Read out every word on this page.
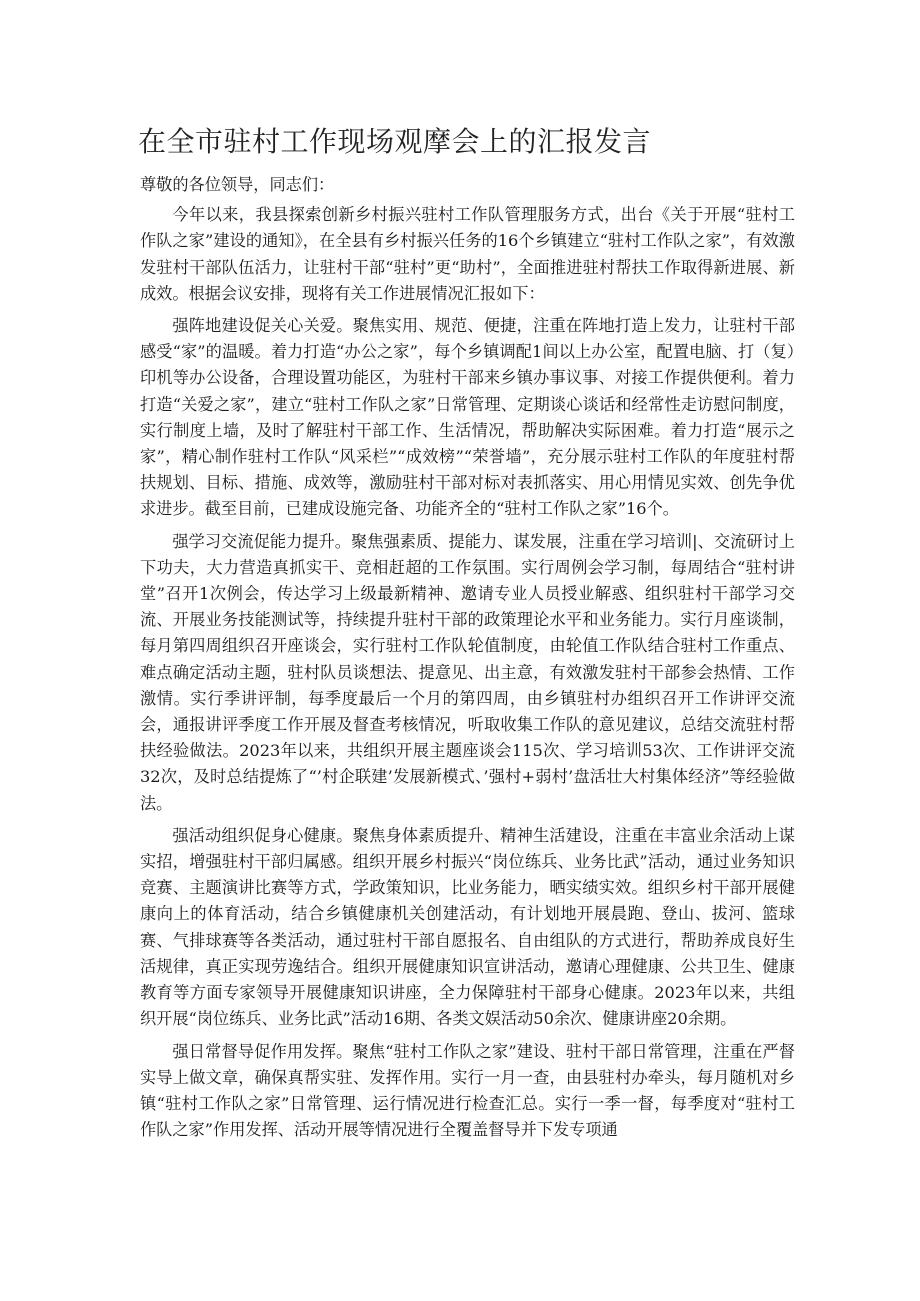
在全市驻村工作现场观摩会上的汇报发言

尊敬的各位领导，同志们：

今年以来，我县探索创新乡村振兴驻村工作队管理服务方式，出台《关于开展“驻村工作队之家”建设的通知》，在全县有乡村振兴任务的16个乡镇建立“驻村工作队之家”，有效激发驻村干部队伍活力，让驻村干部“驻村”更“助村”，全面推进驻村帮扶工作取得新进展、新成效。根据会议安排，现将有关工作进展情况汇报如下：

强阵地建设促关心关爱。聚焦实用、规范、便捷，注重在阵地打造上发力，让驻村干部感受“家”的温暖。着力打造“办公之家”，每个乡镇调配1间以上办公室，配置电脑、打（复）印机等办公设备，合理设置功能区，为驻村干部来乡镇办事议事、对接工作提供便利。着力打造“关爱之家”，建立“驻村工作队之家”日常管理、定期谈心谈话和经常性走访慰问制度，实行制度上墙，及时了解驻村干部工作、生活情况，帮助解决实际困难。着力打造“展示之家”，精心制作驻村工作队“风采栏”“成效榜”“荣誉墙”，充分展示驻村工作队的年度驻村帮扶规划、目标、措施、成效等，激励驻村干部对标对表抓落实、用心用情见实效、创先争优求进步。截至目前，已建成设施完备、功能齐全的“驻村工作队之家”16个。

强学习交流促能力提升。聚焦强素质、提能力、谋发展，注重在学习培训|、交流研讨上下功夫，大力营造真抓实干、竞相赶超的工作氛围。实行周例会学习制，每周结合“驻村讲堂”召开1次例会，传达学习上级最新精神、邀请专业人员授业解惑、组织驻村干部学习交流、开展业务技能测试等，持续提升驻村干部的政策理论水平和业务能力。实行月座谈制，每月第四周组织召开座谈会，实行驻村工作队轮值制度，由轮值工作队结合驻村工作重点、难点确定活动主题，驻村队员谈想法、提意见、出主意，有效激发驻村干部参会热情、工作激情。实行季讲评制，每季度最后一个月的第四周，由乡镇驻村办组织召开工作讲评交流会，通报讲评季度工作开展及督查考核情况，听取收集工作队的意见建议，总结交流驻村帮扶经验做法。2023年以来，共组织开展主题座谈会115次、学习培训53次、工作讲评交流32次，及时总结提炼了“’村企联建’发展新模式、’强村+弱村’盘活壮大村集体经济”等经验做法。

强活动组织促身心健康。聚焦身体素质提升、精神生活建设，注重在丰富业余活动上谋实招，增强驻村干部归属感。组织开展乡村振兴“岗位练兵、业务比武”活动，通过业务知识竞赛、主题演讲比赛等方式，学政策知识，比业务能力，晒实绩实效。组织乡村干部开展健康向上的体育活动，结合乡镇健康机关创建活动，有计划地开展晨跑、登山、拔河、篮球赛、气排球赛等各类活动，通过驻村干部自愿报名、自由组队的方式进行，帮助养成良好生活规律，真正实现劳逸结合。组织开展健康知识宣讲活动，邀请心理健康、公共卫生、健康教育等方面专家领导开展健康知识讲座，全力保障驻村干部身心健康。2023年以来，共组织开展“岗位练兵、业务比武”活动16期、各类文娱活动50余次、健康讲座20余期。

强日常督导促作用发挥。聚焦“驻村工作队之家”建设、驻村干部日常管理，注重在严督实导上做文章，确保真帮实驻、发挥作用。实行一月一查，由县驻村办牵头，每月随机对乡镇“驻村工作队之家”日常管理、运行情况进行检查汇总。实行一季一督，每季度对“驻村工作队之家”作用发挥、活动开展等情况进行全覆盖督导并下发专项通
